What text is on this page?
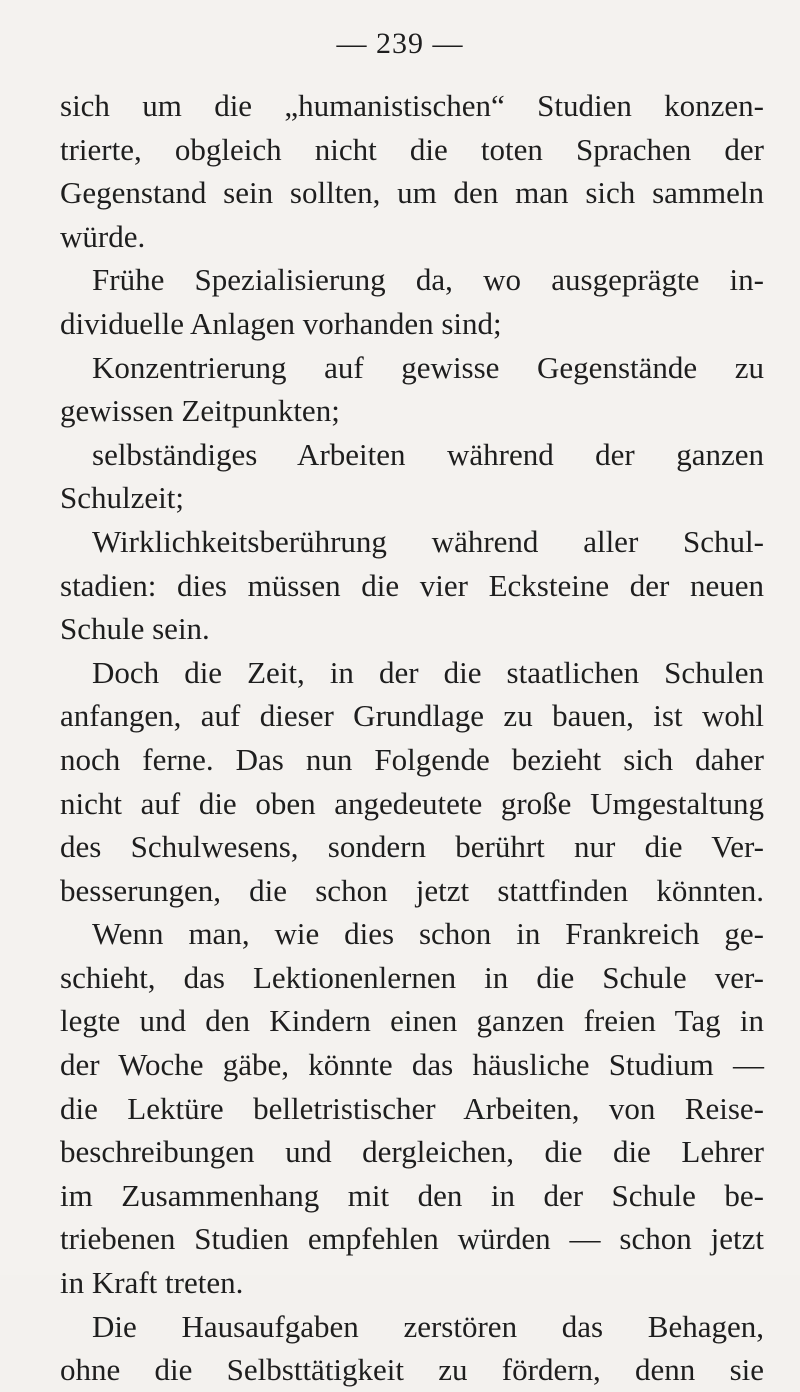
— 239 —
sich um die „humanistischen“ Studien konzen-
trierte, obgleich nicht die toten Sprachen der
Gegenstand sein sollten, um den man sich sammeln
würde.
Frühe Spezialisierung da, wo ausgeprägte in-
dividuelle Anlagen vorhanden sind;
Konzentrierung auf gewisse Gegenstände zu
gewissen Zeitpunkten;
selbständiges Arbeiten während der ganzen
Schulzeit;
Wirklichkeitsberührung während aller Schul-
stadien: dies müssen die vier Ecksteine der neuen
Schule sein.
Doch die Zeit, in der die staatlichen Schulen
anfangen, auf dieser Grundlage zu bauen, ist wohl
noch ferne. Das nun Folgende bezieht sich daher
nicht auf die oben angedeutete große Umgestaltung
des Schulwesens, sondern berührt nur die Ver-
besserungen, die schon jetzt stattfinden könnten.
Wenn man, wie dies schon in Frankreich ge-
schieht, das Lektionenlernen in die Schule ver-
legte und den Kindern einen ganzen freien Tag in
der Woche gäbe, könnte das häusliche Studium —
die Lektüre belletristischer Arbeiten, von Reise-
beschreibungen und dergleichen, die die Lehrer
im Zusammenhang mit den in der Schule be-
triebenen Studien empfehlen würden — schon jetzt
in Kraft treten.
Die Hausaufgaben zerstören das Behagen,
ohne die Selbsttätigkeit zu fördern, denn sie
